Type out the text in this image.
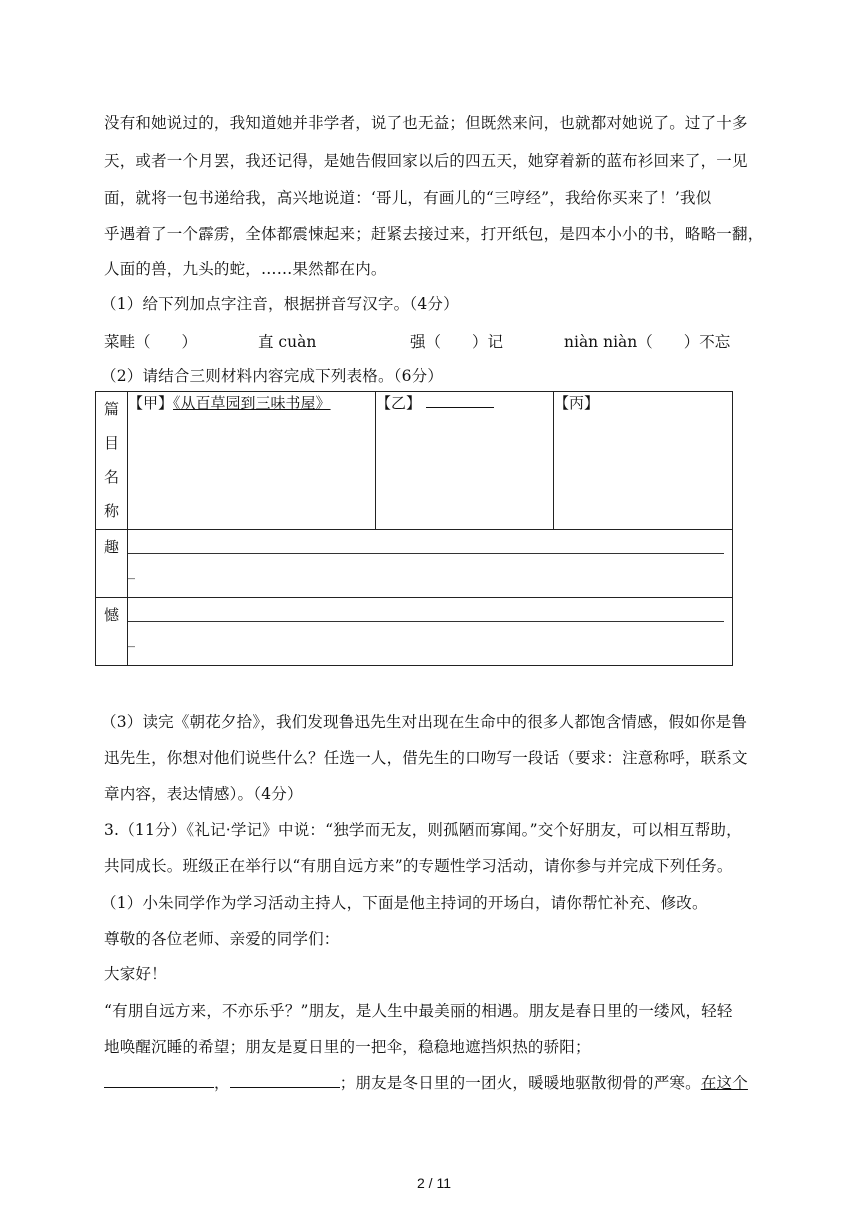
没有和她说过的，我知道她并非学者，说了也无益；但既然来问，也就都对她说了。过了十多
天，或者一个月罢，我还记得，是她告假回家以后的四五天，她穿着新的蓝布衫回来了，一见
面，就将一包书递给我，高兴地说道：‘哥儿，有画儿的“三哼经”，我给你买来了！’我似
乎遇着了一个霹雳，全体都震悚起来；赶紧去接过来，打开纸包，是四本小小的书，略略一翻，
人面的兽，九头的蛇，……果然都在内。
（1）给下列加点字注音，根据拼音写汉字。（4分）
菜畦（　　）	直 cuàn	强（　　）记	niàn niàn（　　）不忘
（2）请结合三则材料内容完成下列表格。（6分）
篇
目
名
称	【甲】《从百草园到三味书屋》	【乙】	【丙】
趣	_		

憾	_		
（3）读完《朝花夕拾》，我们发现鲁迅先生对出现在生命中的很多人都饱含情感，假如你是鲁
迅先生，你想对他们说些什么？任选一人，借先生的口吻写一段话（要求：注意称呼，联系文
章内容，表达情感）。（4分）
3.（11分）《礼记·学记》中说：“独学而无友，则孤陋而寡闻。”交个好朋友，可以相互帮助，
共同成长。班级正在举行以“有朋自远方来”的专题性学习活动，请你参与并完成下列任务。
（1）小朱同学作为学习活动主持人，下面是他主持词的开场白，请你帮忙补充、修改。
尊敬的各位老师、亲爱的同学们：
大家好！
“有朋自远方来，不亦乐乎？”朋友，是人生中最美丽的相遇。朋友是春日里的一缕风，轻轻
地唤醒沉睡的希望；朋友是夏日里的一把伞，稳稳地遮挡炽热的骄阳；
，	；朋友是冬日里的一团火，暖暖地驱散彻骨的严寒。在这个
2 / 11
